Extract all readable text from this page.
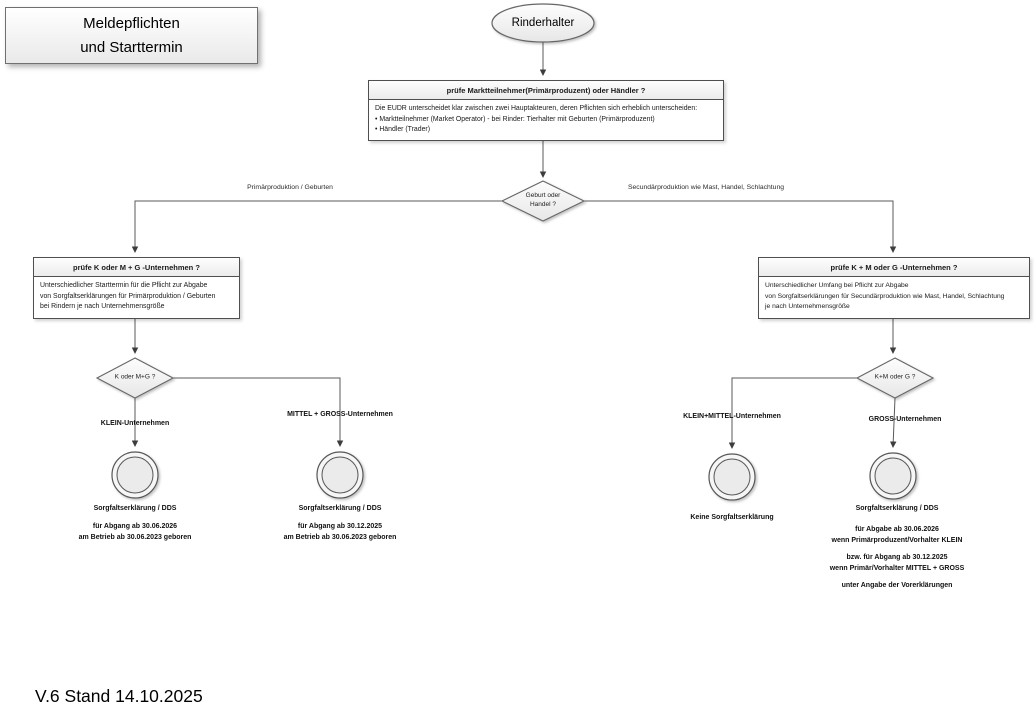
Meldepflichten
und Starttermin
Rinderhalter
prüfe Marktteilnehmer(Primärproduzent) oder Händler ?
Die EUDR unterscheidet klar zwischen zwei Hauptakteuren, deren Pflichten sich erheblich unterscheiden:
• Marktteilnehmer (Market Operator) - bei Rinder: Tierhalter mit Geburten (Primärproduzent)
• Händler (Trader)
Geburt oder
Handel ?
Primärproduktion / Geburten	Secundärproduktion wie Mast, Handel, Schlachtung
prüfe K oder M + G -Unternehmen ?
Unterschiedlicher Starttermin für die Pflicht zur Abgabe
von Sorgfaltserklärungen für Primärproduktion / Geburten
bei Rindern je nach Unternehmensgröße
prüfe K + M oder G -Unternehmen ?
Unterschiedlicher Umfang bei Pflicht zur Abgabe
von Sorgfaltserklärungen für Secundärproduktion wie Mast, Handel, Schlachtung
je nach Unternehmensgröße
K oder M+G ?	K+M oder G ?
KLEIN-Unternehmen
MITTEL + GROSS-Unternehmen	KLEIN+MITTEL-Unternehmen	GROSS-Unternehmen
Sorgfaltserklärung / DDS
für Abgang ab 30.06.2026
am Betrieb ab 30.06.2023 geboren
Sorgfaltserklärung / DDS
für Abgang ab 30.12.2025
am Betrieb ab 30.06.2023 geboren
Keine Sorgfaltserklärung
Sorgfaltserklärung / DDS
für Abgabe ab 30.06.2026
wenn Primärproduzent/Vorhalter KLEIN
bzw. für Abgang ab 30.12.2025
wenn Primär/Vorhalter MITTEL + GROSS
unter Angabe der Vorerklärungen
V.6 Stand 14.10.2025
